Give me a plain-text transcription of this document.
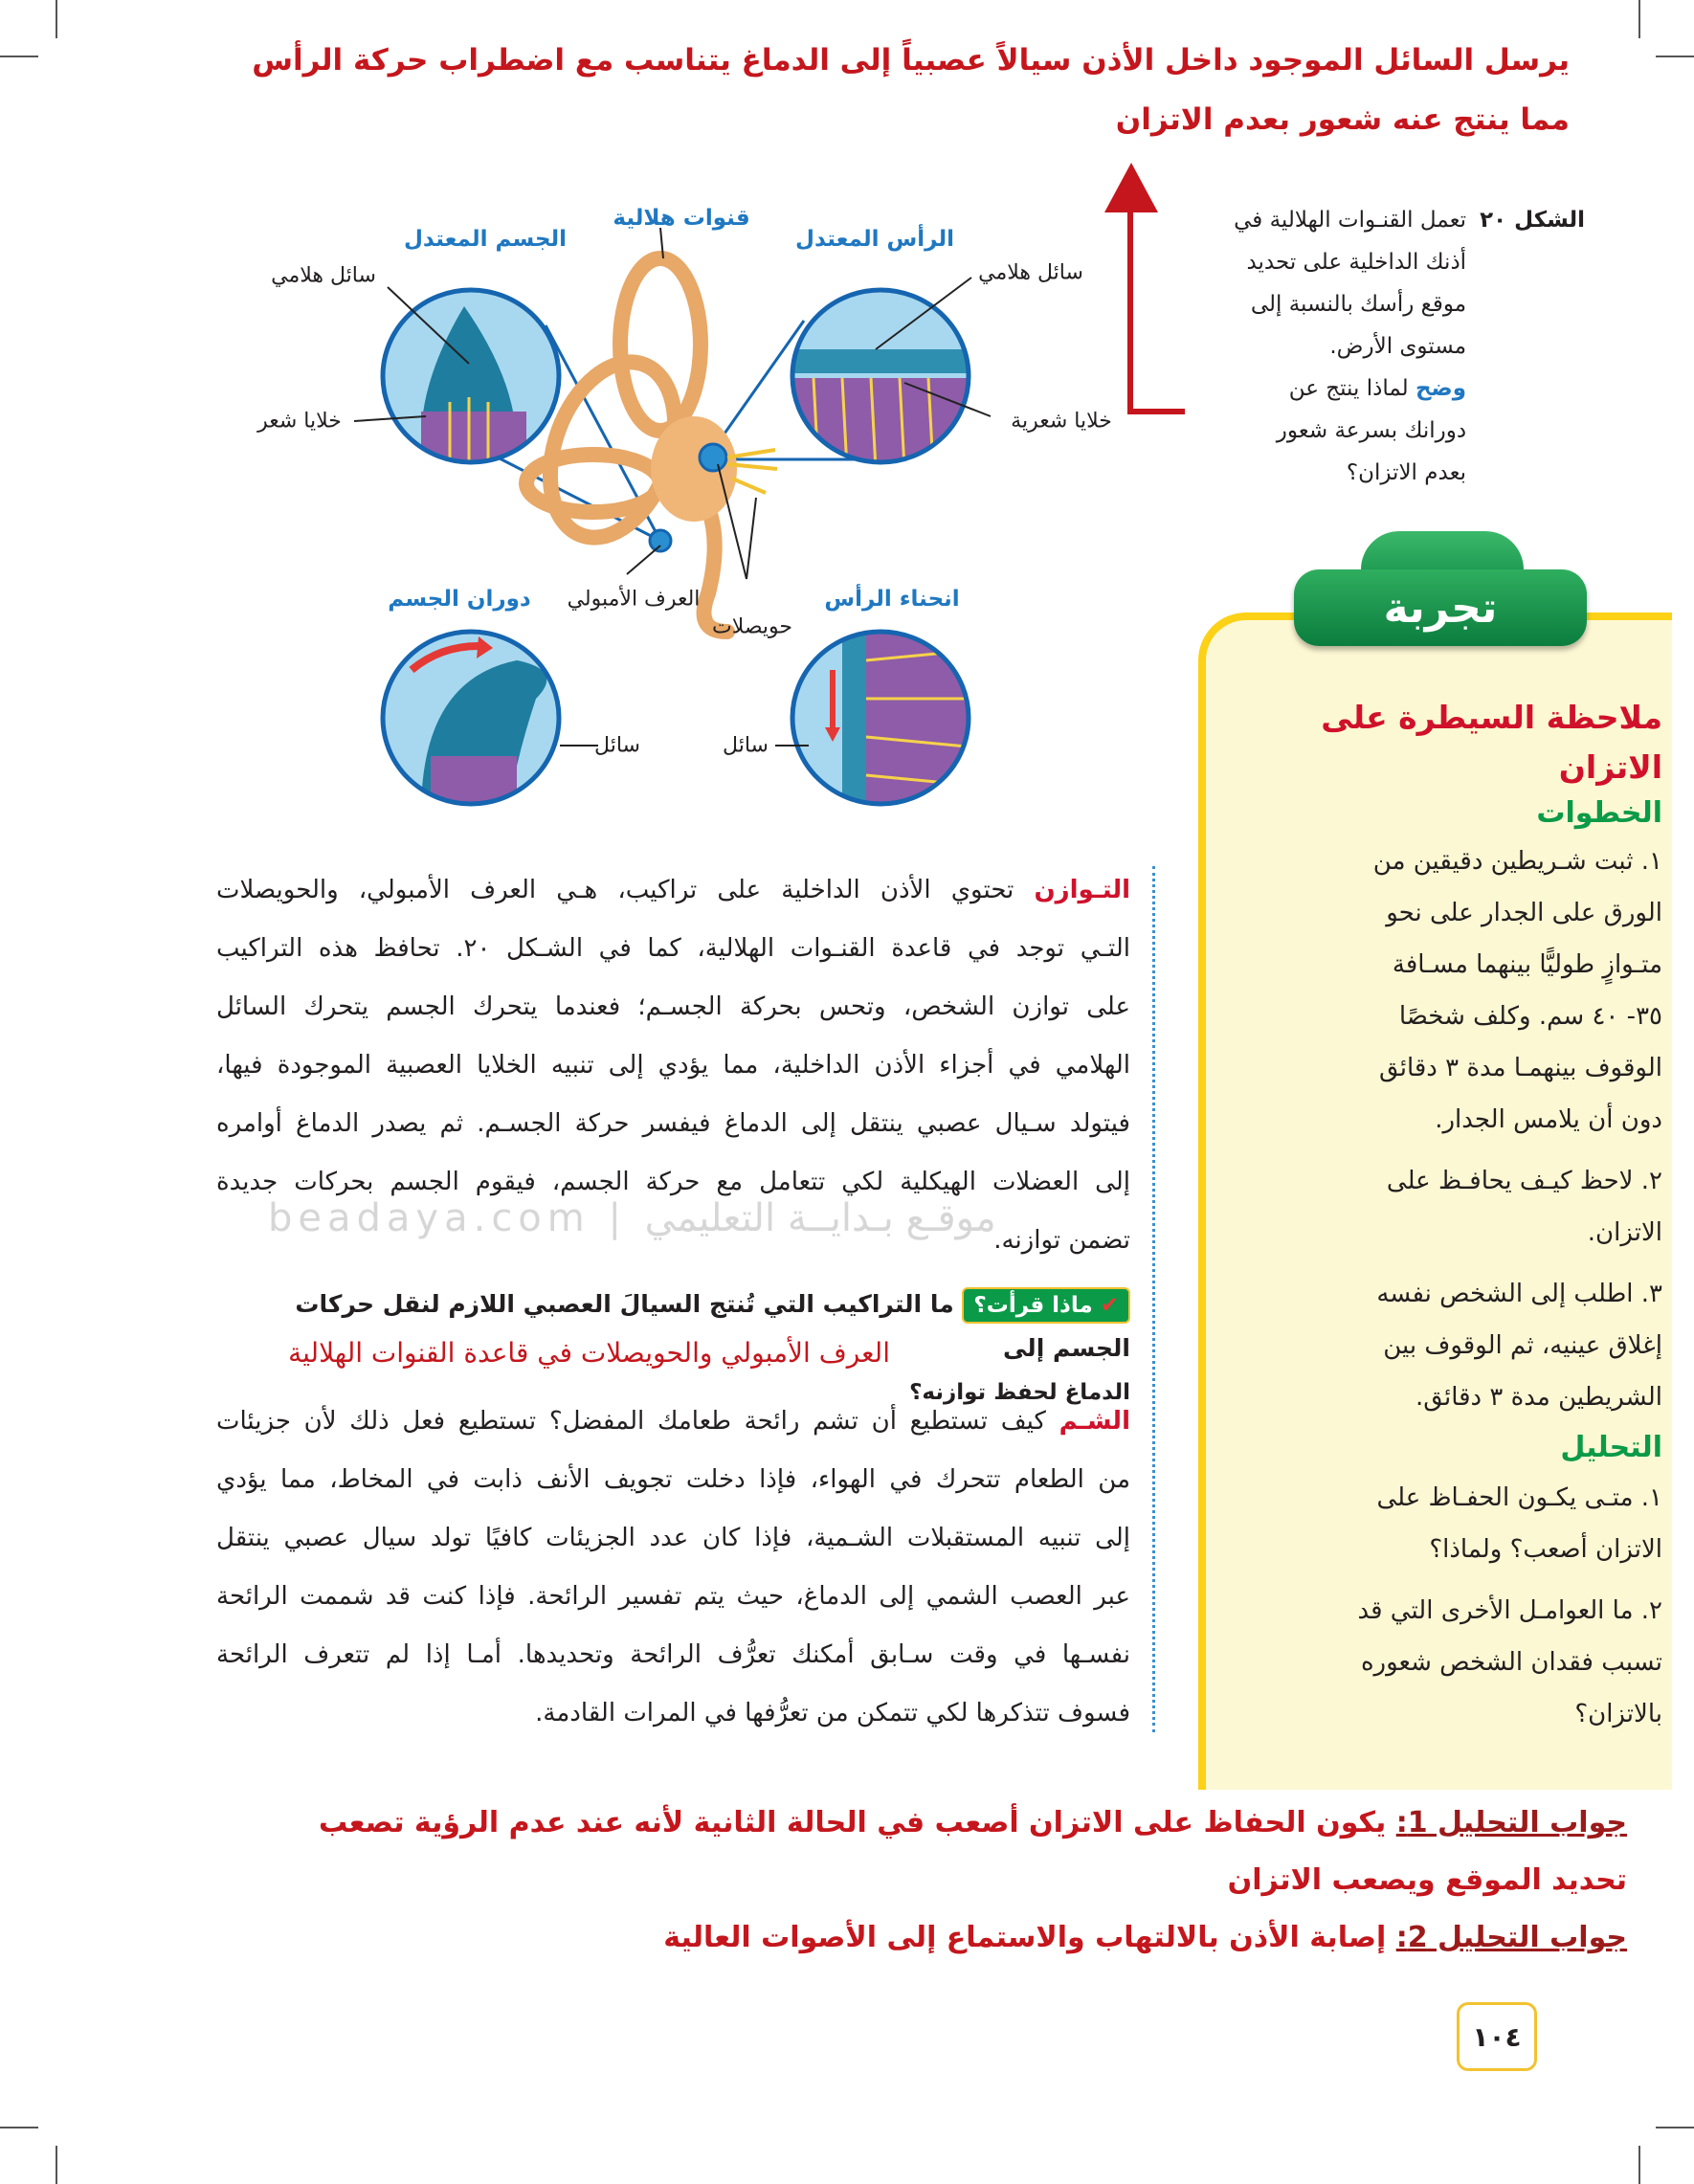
يرسل السائل الموجود داخل الأذن سيالاً عصبياً إلى الدماغ يتناسب مع اضطراب حركة الرأس
مما ينتج عنه شعور بعدم الاتزان
الشكل ٢٠
تعمل القنـوات الهلالية في
أذنك الداخلية على تحديد
موقع رأسك بالنسبة إلى
مستوى الأرض.
وضح لماذا ينتج عن
دورانك بسرعة شعور
بعدم الاتزان؟
الجسم المعتدل
قنوات هلالية
الرأس المعتدل
سائل هلامي	سائل هلامي
خلايا شعر	خلايا شعرية
العرف الأمبولي
حويصلات
دوران الجسم	انحناء الرأس
سائل	سائل
beadaya.com | موقـع بـدايــة التعليمي
التـوازن تحتوي الأذن الداخلية على تراكيب، هـي العرف الأمبولي، والحويصلات
التـي توجد في قاعدة القنـوات الهلالية، كما في الشـكل ٢٠. تحافظ هذه التراكيب
على توازن الشخص، وتحس بحركة الجسـم؛ فعندما يتحرك الجسم يتحرك السائل
الهلامي في أجزاء الأذن الداخلية، مما يؤدي إلى تنبيه الخلايا العصبية الموجودة فيها،
فيتولد سـيال عصبي ينتقل إلى الدماغ فيفسر حركة الجسـم. ثم يصدر الدماغ أوامره
إلى العضلات الهيكلية لكي تتعامل مع حركة الجسم، فيقوم الجسم بحركات جديدة
تضمن توازنه.
✔ ماذا قرأت؟ ما التراكيب التي تُنتج السيالَ العصبي اللازم لنقل حركات الجسم إلى
الدماغ لحفظ توازنه؟
العرف الأمبولي والحويصلات في قاعدة القنوات الهلالية
الشـم كيف تستطيع أن تشم رائحة طعامك المفضل؟ تستطيع فعل ذلك لأن جزيئات
من الطعام تتحرك في الهواء، فإذا دخلت تجويف الأنف ذابت في المخاط، مما يؤدي
إلى تنبيه المستقبلات الشـمية، فإذا كان عدد الجزيئات كافيًا تولد سيال عصبي ينتقل
عبر العصب الشمي إلى الدماغ، حيث يتم تفسير الرائحة. فإذا كنت قد شممت الرائحة
نفسـها في وقت سـابق أمكنك تعرُّف الرائحة وتحديدها. أمـا إذا لم تتعرف الرائحة
فسوف تتذكرها لكي تتمكن من تعرُّفها في المرات القادمة.
ملاحظة السيطرة على
الاتزان
الخطوات
١. ثبت شـريطين دقيقين من
الورق على الجدار على نحو
متـوازٍ طوليًّا بينهما مسـافة
٣٥- ٤٠ سم. وكلف شخصًا
الوقوف بينهمـا مدة ٣ دقائق
دون أن يلامس الجدار.
٢. لاحظ كيـف يحافـظ على
الاتزان.
٣. اطلب إلى الشخص نفسه
إغلاق عينيه، ثم الوقوف بين
الشريطين مدة ٣ دقائق.
التحليل
١. متـى يكـون الحفـاظ على
الاتزان أصعب؟ ولماذا؟
٢. ما العوامـل الأخرى التي قد
تسبب فقدان الشخص شعوره
بالاتزان؟
تجربة
جواب التحليل 1: يكون الحفاظ على الاتزان أصعب في الحالة الثانية لأنه عند عدم الرؤية تصعب
تحديد الموقع ويصعب الاتزان
جواب التحليل 2: إصابة الأذن بالالتهاب والاستماع إلى الأصوات العالية
١٠٤
